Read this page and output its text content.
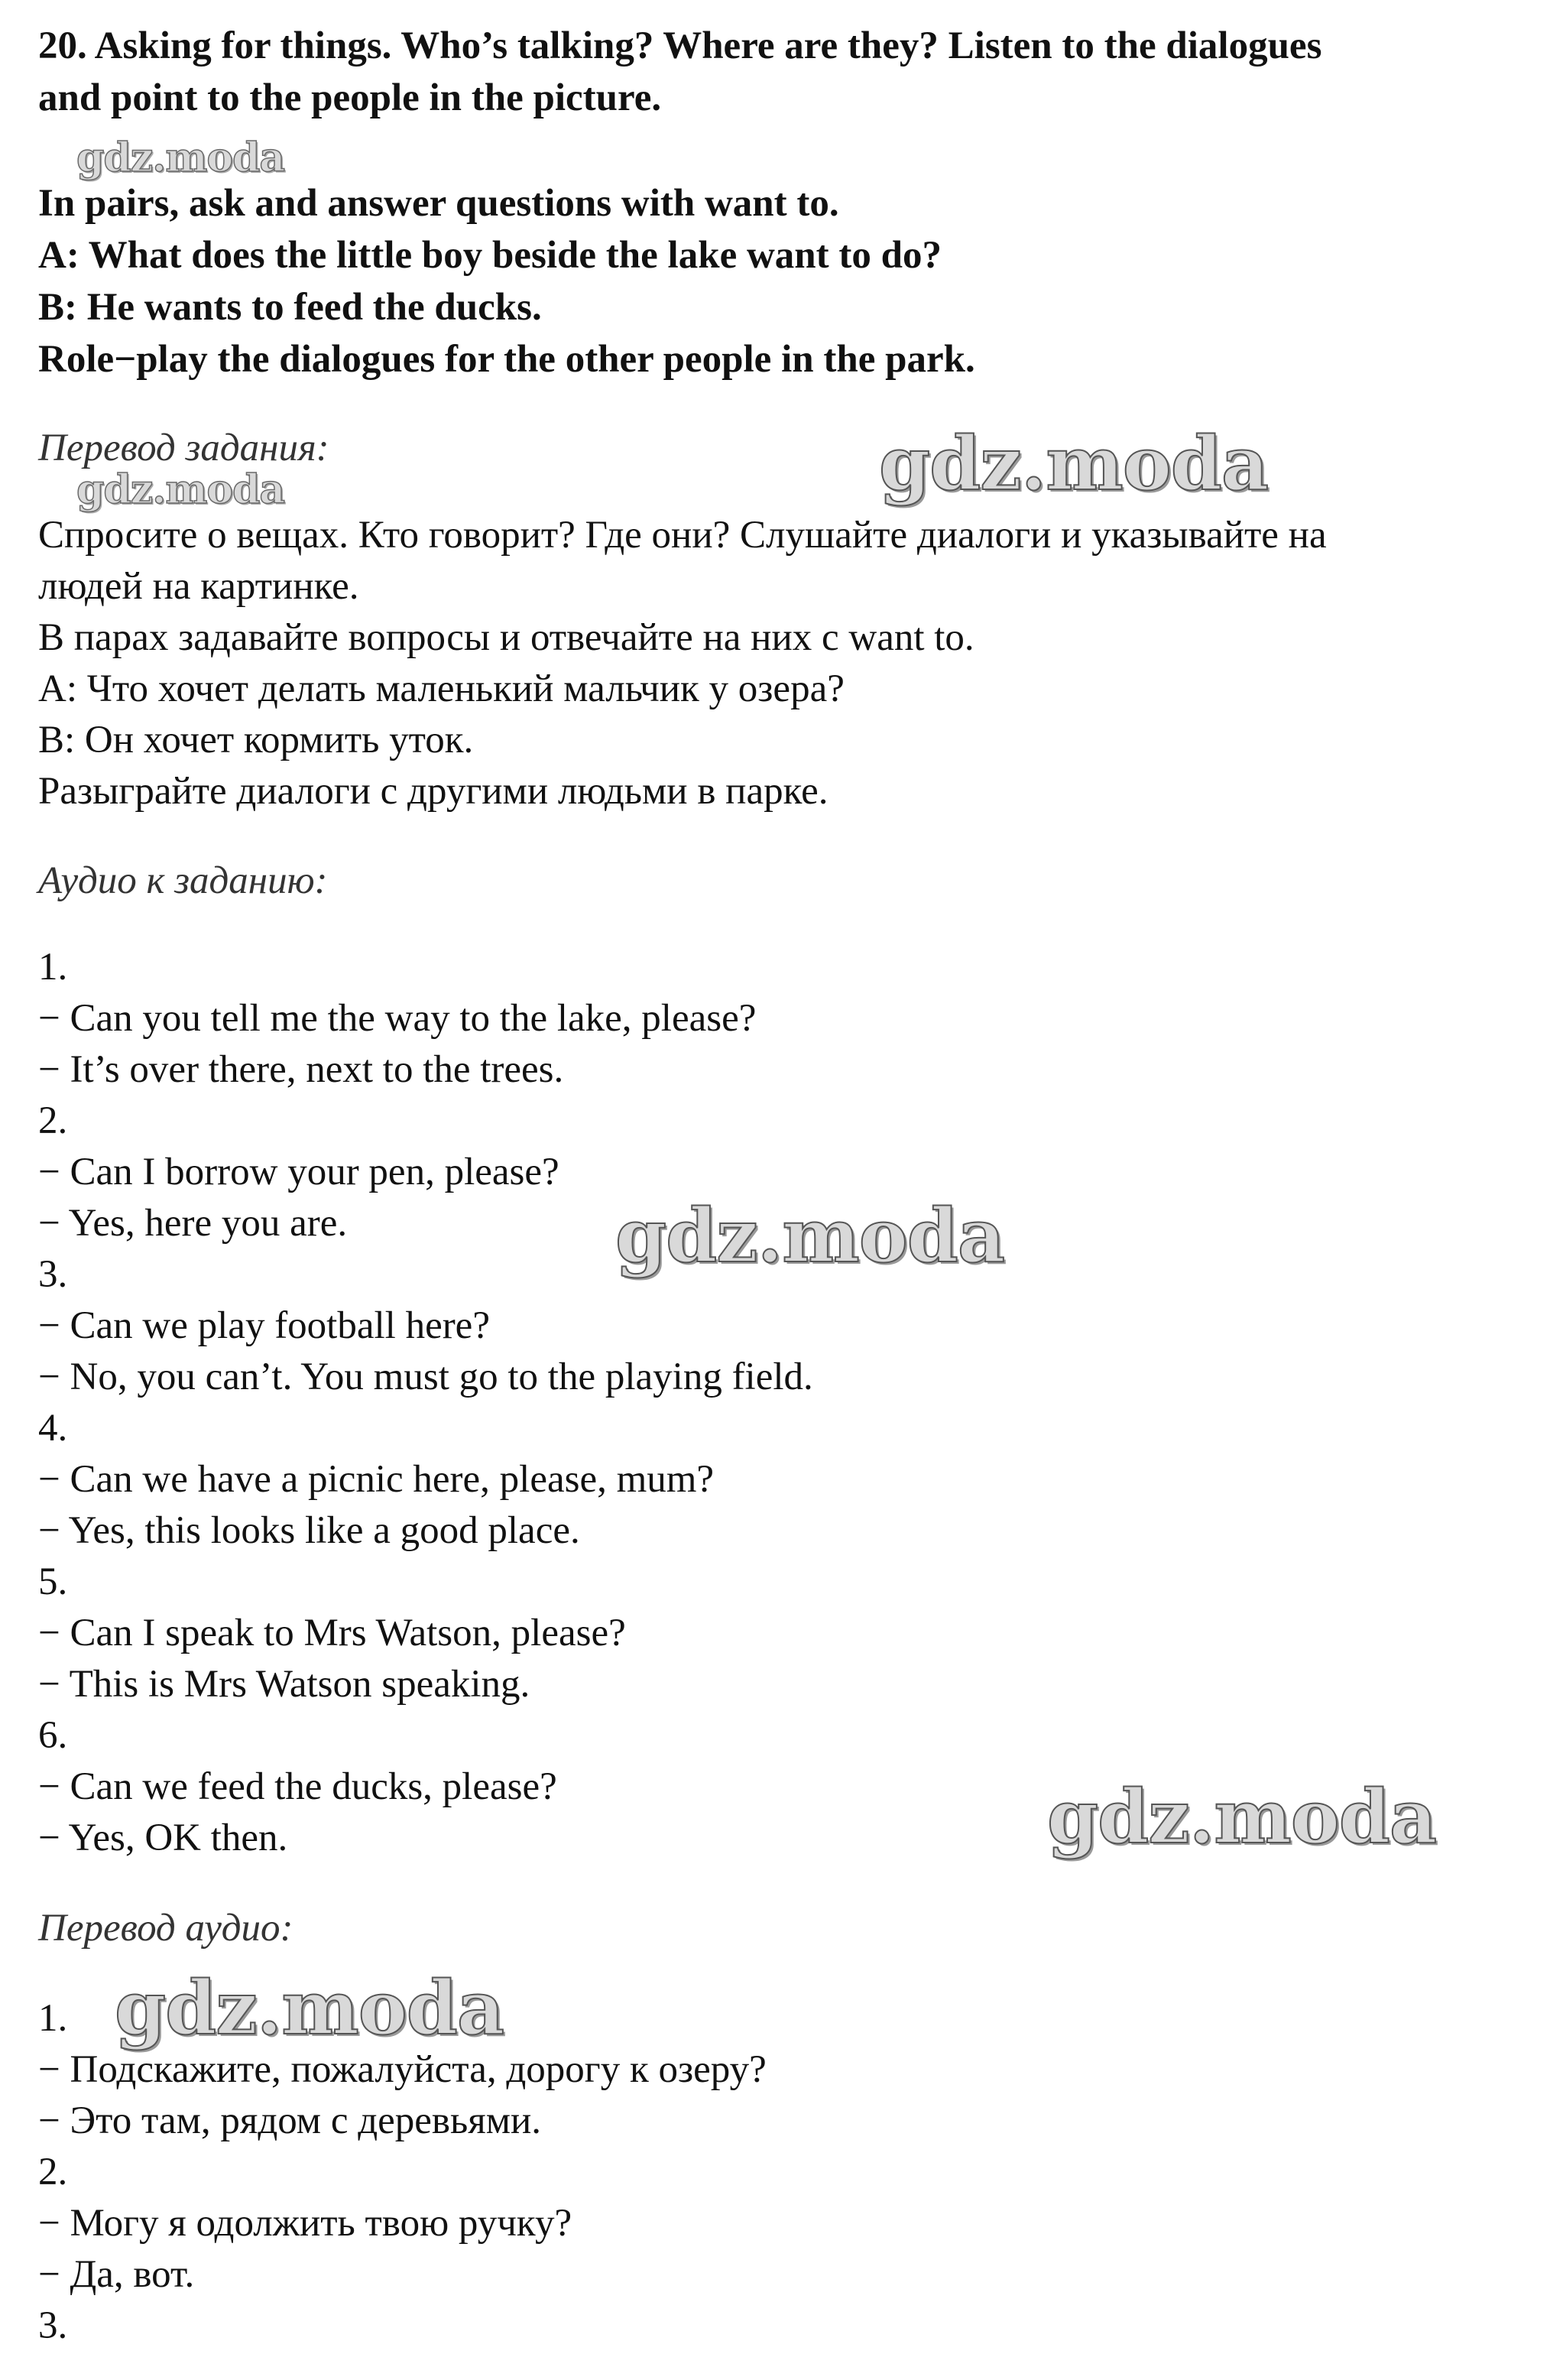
20. Asking for things. Who’s talking? Where are they? Listen to the dialogues

and point to the people in the picture.

In pairs, ask and answer questions with want to.

A: What does the little boy beside the lake want to do?

B: He wants to feed the ducks.

Role−play the dialogues for the other people in the park.

Перевод задания:

Спросите о вещах. Кто говорит? Где они? Слушайте диалоги и указывайте на

людей на картинке.

В парах задавайте вопросы и отвечайте на них с want to.

А: Что хочет делать маленький мальчик у озера?

В: Он хочет кормить уток.

Разыграйте диалоги с другими людьми в парке.

Аудио к заданию:

1.

− Can you tell me the way to the lake, please?

− It’s over there, next to the trees.

2.

− Can I borrow your pen, please?

− Yes, here you are.

3.

− Can we play football here?

− No, you can’t. You must go to the playing field.

4.

− Can we have a picnic here, please, mum?

− Yes, this looks like a good place.

5.

− Can I speak to Mrs Watson, please?

− This is Mrs Watson speaking.

6.

− Can we feed the ducks, please?

− Yes, OK then.

Перевод аудио:

1.

− Подскажите, пожалуйста, дорогу к озеру?

− Это там, рядом с деревьями.

2.

− Могу я одолжить твою ручку?

− Да, вот.

3.

gdz.moda
gdz.moda	gdz.moda
gdz.moda
gdz.moda
gdz.moda
